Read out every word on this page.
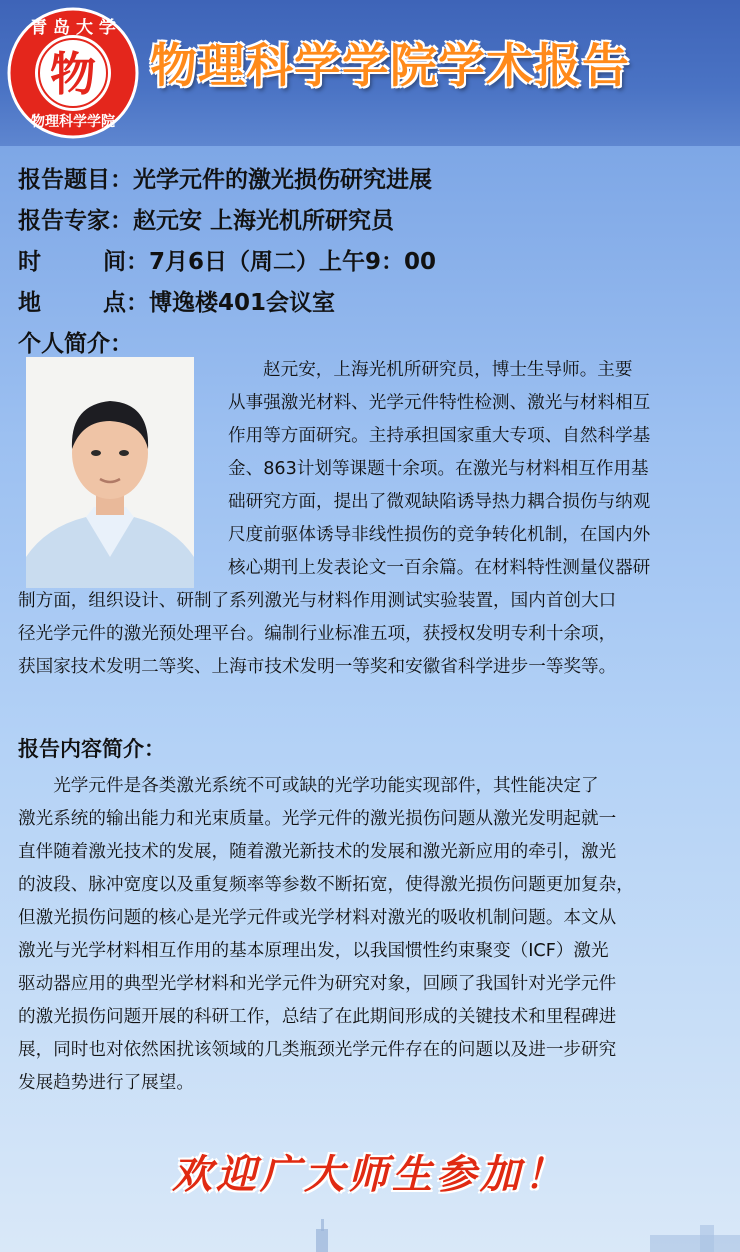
物
青 岛 大 学
物理科学学院
物理科学学院学术报告
报告题目 ： 光学元件的激光损伤研究进展
报告专家 ： 赵元安 上海光机所研究员
时	间 ： 7月6日（周二）上午9：00
地	点 ： 博逸楼401会议室
个人简介：
赵元安，上海光机所研究员，博士生导师。主要
从事强激光材料、光学元件特性检测、激光与材料相互
作用等方面研究。主持承担国家重大专项、自然科学基
金、863计划等课题十余项。在激光与材料相互作用基
础研究方面，提出了微观缺陷诱导热力耦合损伤与纳观
尺度前驱体诱导非线性损伤的竞争转化机制，在国内外
核心期刊上发表论文一百余篇。在材料特性测量仪器研
制方面，组织设计、研制了系列激光与材料作用测试实验装置，国内首创大口
径光学元件的激光预处理平台。编制行业标准五项，获授权发明专利十余项，
获国家技术发明二等奖、上海市技术发明一等奖和安徽省科学进步一等奖等。
报告内容简介：
　　光学元件是各类激光系统不可或缺的光学功能实现部件，其性能决定了
激光系统的输出能力和光束质量。光学元件的激光损伤问题从激光发明起就一
直伴随着激光技术的发展，随着激光新技术的发展和激光新应用的牵引，激光
的波段、脉冲宽度以及重复频率等参数不断拓宽，使得激光损伤问题更加复杂，
但激光损伤问题的核心是光学元件或光学材料对激光的吸收机制问题。本文从
激光与光学材料相互作用的基本原理出发，以我国惯性约束聚变（ICF）激光
驱动器应用的典型光学材料和光学元件为研究对象，回顾了我国针对光学元件
的激光损伤问题开展的科研工作，总结了在此期间形成的关键技术和里程碑进
展，同时也对依然困扰该领域的几类瓶颈光学元件存在的问题以及进一步研究
发展趋势进行了展望。
欢迎广大师生参加！
